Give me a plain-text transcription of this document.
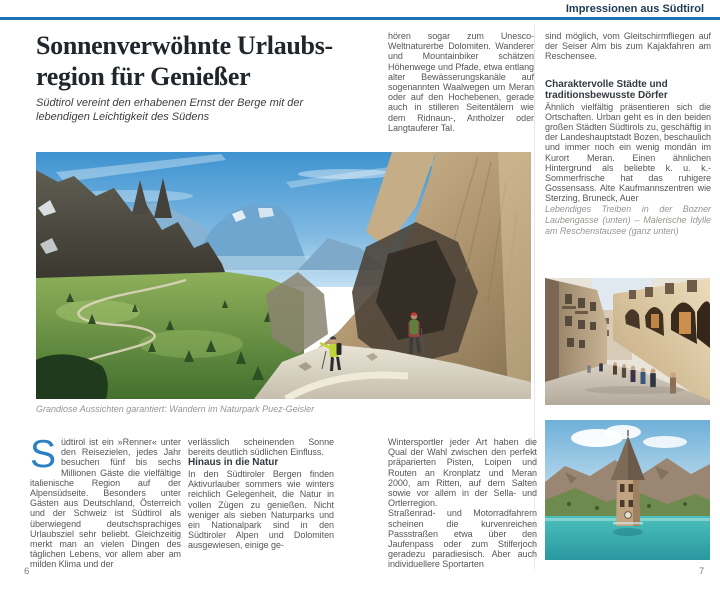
Impressionen aus Südtirol
Sonnenverwöhnte Urlaubs-
region für Genießer

Südtirol vereint den erhabenen Ernst der Berge mit der lebendigen Leichtigkeit des Südens

Grandiose Aussichten garantiert: Wandern im Naturpark Puez-Geisler

hören sogar zum Unesco-Weltnaturerbe Dolomiten. Wanderer und Mountainbiker schätzen Höhenwege und Pfade, etwa entlang alter Bewässerungskanäle auf sogenannten Waalwegen um Meran oder auf den Hochebenen, gerade auch in stilleren Seitentälern wie dem Ridnaun-, Antholzer oder Langtauferer Tal.

sind möglich, vom Gleitschirmfliegen auf der Seiser Alm bis zum Kajakfahren am Reschensee.

Charaktervolle Städte und traditionsbewusste Dörfer

Ähnlich vielfältig präsentieren sich die Ortschaften. Urban geht es in den beiden großen Städten Südtirols zu, geschäftig in der Landeshauptstadt Bozen, beschaulich und immer noch ein wenig mondän im Kurort Meran. Einen ähnlichen Hintergrund als beliebte k. u. k.-Sommerfrische hat das ruhigere Gossensass. Alte Kaufmannszentren wie Sterzing, Bruneck, Auer

Lebendiges Treiben in der Bozner Laubengasse (unten) – Malerische Idylle am Reschenstausee (ganz unten)

Südtirol ist ein »Renner« unter den Reisezielen, jedes Jahr besuchen fünf bis sechs Millionen Gäste die vielfältige italienische Region auf der Alpensüdseite. Besonders unter Gästen aus Deutschland, Österreich und der Schweiz ist Südtirol als überwiegend deutschsprachiges Urlaubsziel sehr beliebt. Gleichzeitig merkt man an vielen Dingen des täglichen Lebens, vor allem aber am milden Klima und der

verlässlich scheinenden Sonne bereits deutlich südlichen Einfluss.

Hinaus in die Natur

In den Südtiroler Bergen finden Aktivurlauber sommers wie winters reichlich Gelegenheit, die Natur in vollen Zügen zu genießen. Nicht weniger als sieben Naturparks und ein Nationalpark sind in den Südtiroler Alpen und Dolomiten ausgewiesen, einige ge-

Wintersportler jeder Art haben die Qual der Wahl zwischen den perfekt präparierten Pisten, Loipen und Routen an Kronplatz und Meran 2000, am Ritten, auf dem Salten sowie vor allem in der Sella- und Ortlerregion.

Straßenrad- und Motorradfahrern scheinen die kurvenreichen Passstraßen etwa über den Jaufenpass oder zum Stilferjoch geradezu paradiesisch. Aber auch individuellere Sportarten

6	7
